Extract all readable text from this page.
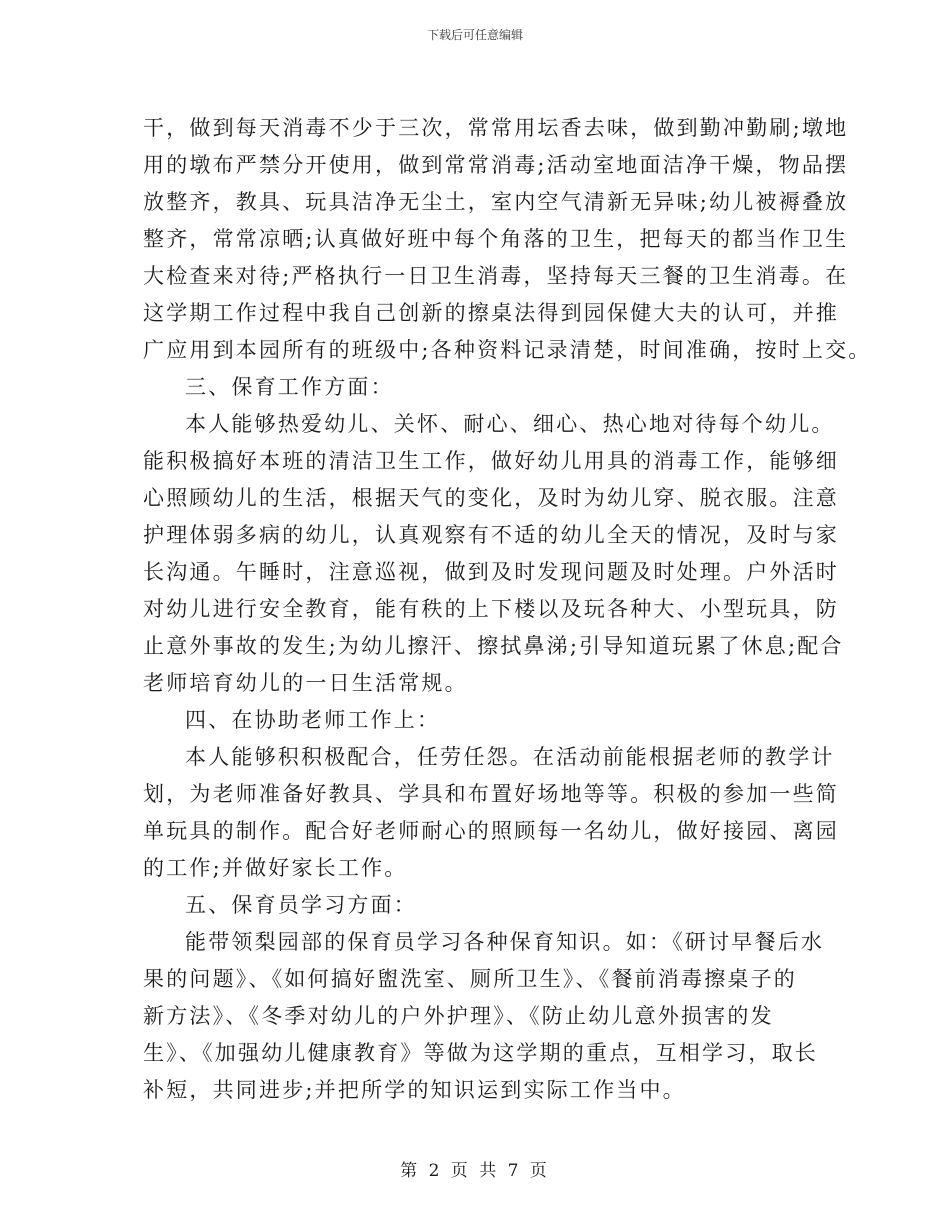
下载后可任意编辑
干，做到每天消毒不少于三次，常常用坛香去味，做到勤冲勤刷;墩地
用的墩布严禁分开使用，做到常常消毒;活动室地面洁净干燥，物品摆
放整齐，教具、玩具洁净无尘土，室内空气清新无异味;幼儿被褥叠放
整齐，常常凉晒;认真做好班中每个角落的卫生，把每天的都当作卫生
大检查来对待;严格执行一日卫生消毒，坚持每天三餐的卫生消毒。在
这学期工作过程中我自己创新的擦桌法得到园保健大夫的认可，并推
广应用到本园所有的班级中;各种资料记录清楚，时间准确，按时上交。
三、保育工作方面：
本人能够热爱幼儿、关怀、耐心、细心、热心地对待每个幼儿。
能积极搞好本班的清洁卫生工作，做好幼儿用具的消毒工作，能够细
心照顾幼儿的生活，根据天气的变化，及时为幼儿穿、脱衣服。注意
护理体弱多病的幼儿，认真观察有不适的幼儿全天的情况，及时与家
长沟通。午睡时，注意巡视，做到及时发现问题及时处理。户外活时
对幼儿进行安全教育，能有秩的上下楼以及玩各种大、小型玩具，防
止意外事故的发生;为幼儿擦汗、擦拭鼻涕;引导知道玩累了休息;配合
老师培育幼儿的一日生活常规。
四、在协助老师工作上：
本人能够积积极配合，任劳任怨。在活动前能根据老师的教学计
划，为老师准备好教具、学具和布置好场地等等。积极的参加一些简
单玩具的制作。配合好老师耐心的照顾每一名幼儿，做好接园、离园
的工作;并做好家长工作。
五、保育员学习方面：
能带领梨园部的保育员学习各种保育知识。如：《研讨早餐后水
果的问题》、《如何搞好盥洗室、厕所卫生》、《餐前消毒擦桌子的
新方法》、《冬季对幼儿的户外护理》、《防止幼儿意外损害的发
生》、《加强幼儿健康教育》等做为这学期的重点，互相学习，取长
补短，共同进步;并把所学的知识运到实际工作当中。
第 2 页 共 7 页
